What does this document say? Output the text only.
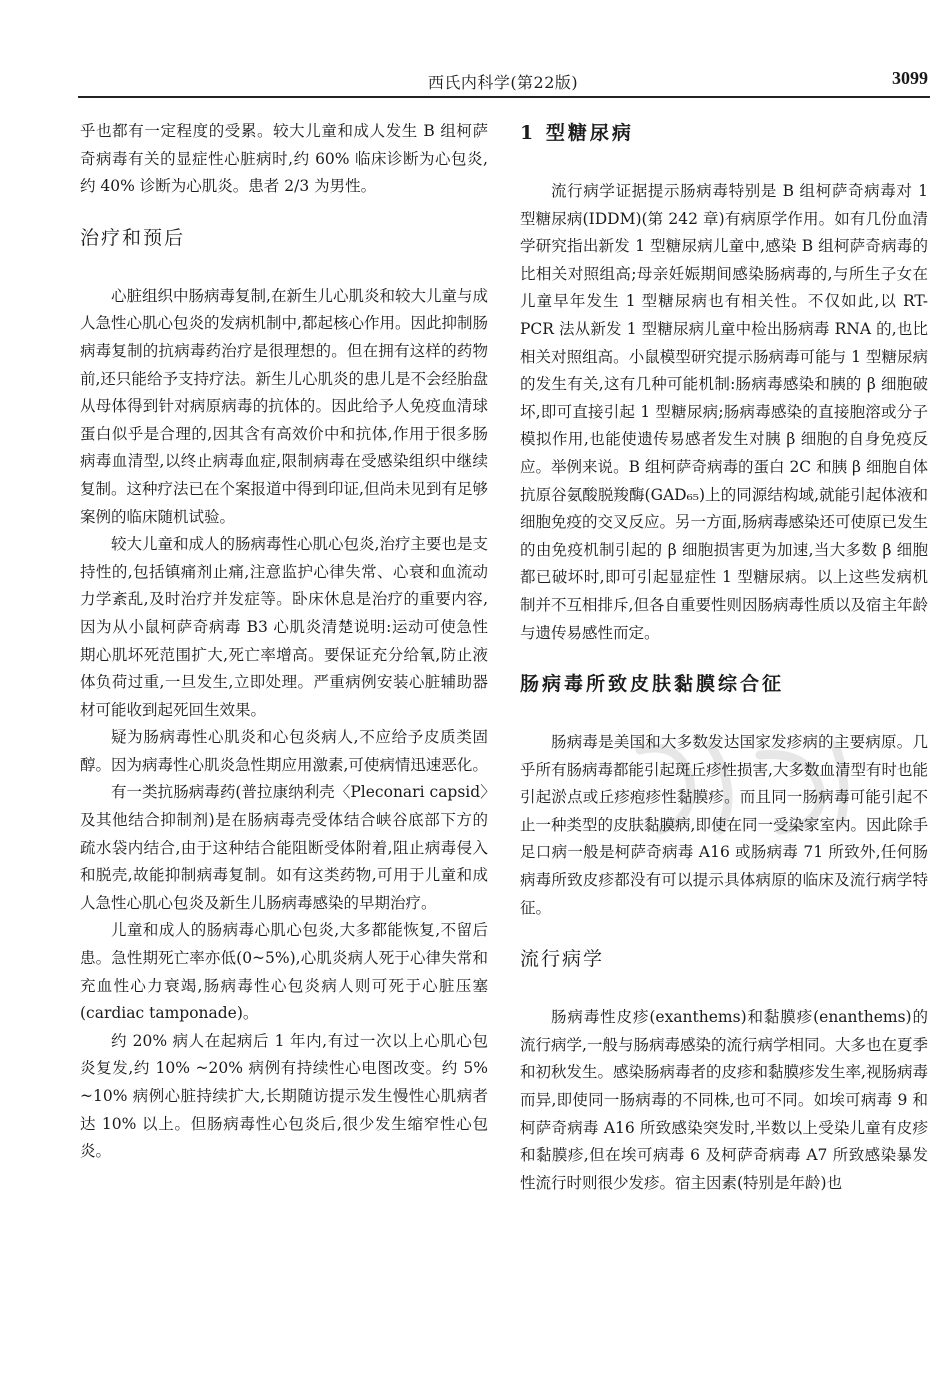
西氏内科学(第22版)	3099

乎也都有一定程度的受累。较大儿童和成人发生 B 组柯萨奇病毒有关的显症性心脏病时,约 60% 临床诊断为心包炎,约 40% 诊断为心肌炎。患者 2/3 为男性。

治疗和预后

心脏组织中肠病毒复制,在新生儿心肌炎和较大儿童与成人急性心肌心包炎的发病机制中,都起核心作用。因此抑制肠病毒复制的抗病毒药治疗是很理想的。但在拥有这样的药物前,还只能给予支持疗法。新生儿心肌炎的患儿是不会经胎盘从母体得到针对病原病毒的抗体的。因此给予人免疫血清球蛋白似乎是合理的,因其含有高效价中和抗体,作用于很多肠病毒血清型,以终止病毒血症,限制病毒在受感染组织中继续复制。这种疗法已在个案报道中得到印证,但尚未见到有足够案例的临床随机试验。

较大儿童和成人的肠病毒性心肌心包炎,治疗主要也是支持性的,包括镇痛剂止痛,注意监护心律失常、心衰和血流动力学紊乱,及时治疗并发症等。卧床休息是治疗的重要内容,因为从小鼠柯萨奇病毒 B3 心肌炎清楚说明:运动可使急性期心肌坏死范围扩大,死亡率增高。要保证充分给氧,防止液体负荷过重,一旦发生,立即处理。严重病例安装心脏辅助器材可能收到起死回生效果。

疑为肠病毒性心肌炎和心包炎病人,不应给予皮质类固醇。因为病毒性心肌炎急性期应用激素,可使病情迅速恶化。

有一类抗肠病毒药(普拉康纳利壳〈Pleconari capsid〉及其他结合抑制剂)是在肠病毒壳受体结合峡谷底部下方的疏水袋内结合,由于这种结合能阻断受体附着,阻止病毒侵入和脱壳,故能抑制病毒复制。如有这类药物,可用于儿童和成人急性心肌心包炎及新生儿肠病毒感染的早期治疗。

儿童和成人的肠病毒心肌心包炎,大多都能恢复,不留后患。急性期死亡率亦低(0~5%),心肌炎病人死于心律失常和充血性心力衰竭,肠病毒性心包炎病人则可死于心脏压塞(cardiac tamponade)。

约 20% 病人在起病后 1 年内,有过一次以上心肌心包炎复发,约 10% ~20% 病例有持续性心电图改变。约 5% ~10% 病例心脏持续扩大,长期随访提示发生慢性心肌病者达 10% 以上。但肠病毒性心包炎后,很少发生缩窄性心包炎。

1 型糖尿病

流行病学证据提示肠病毒特别是 B 组柯萨奇病毒对 1 型糖尿病(IDDM)(第 242 章)有病原学作用。如有几份血清学研究指出新发 1 型糖尿病儿童中,感染 B 组柯萨奇病毒的比相关对照组高;母亲妊娠期间感染肠病毒的,与所生子女在儿童早年发生 1 型糖尿病也有相关性。不仅如此,以 RT-PCR 法从新发 1 型糖尿病儿童中检出肠病毒 RNA 的,也比相关对照组高。小鼠模型研究提示肠病毒可能与 1 型糖尿病的发生有关,这有几种可能机制:肠病毒感染和胰的 β 细胞破坏,即可直接引起 1 型糖尿病;肠病毒感染的直接胞溶或分子模拟作用,也能使遗传易感者发生对胰 β 细胞的自身免疫反应。举例来说。B 组柯萨奇病毒的蛋白 2C 和胰 β 细胞自体抗原谷氨酸脱羧酶(GAD₆₅)上的同源结构域,就能引起体液和细胞免疫的交叉反应。另一方面,肠病毒感染还可使原已发生的由免疫机制引起的 β 细胞损害更为加速,当大多数 β 细胞都已破坏时,即可引起显症性 1 型糖尿病。以上这些发病机制并不互相排斥,但各自重要性则因肠病毒性质以及宿主年龄与遗传易感性而定。

肠病毒所致皮肤黏膜综合征

肠病毒是美国和大多数发达国家发疹病的主要病原。几乎所有肠病毒都能引起斑丘疹性损害,大多数血清型有时也能引起淤点或丘疹疱疹性黏膜疹。而且同一肠病毒可能引起不止一种类型的皮肤黏膜病,即使在同一受染家室内。因此除手足口病一般是柯萨奇病毒 A16 或肠病毒 71 所致外,任何肠病毒所致皮疹都没有可以提示具体病原的临床及流行病学特征。

流行病学

肠病毒性皮疹(exanthems)和黏膜疹(enanthems)的流行病学,一般与肠病毒感染的流行病学相同。大多也在夏季和初秋发生。感染肠病毒者的皮疹和黏膜疹发生率,视肠病毒而异,即使同一肠病毒的不同株,也可不同。如埃可病毒 9 和柯萨奇病毒 A16 所致感染突发时,半数以上受染儿童有皮疹和黏膜疹,但在埃可病毒 6 及柯萨奇病毒 A7 所致感染暴发性流行时则很少发疹。宿主因素(特别是年龄)也
